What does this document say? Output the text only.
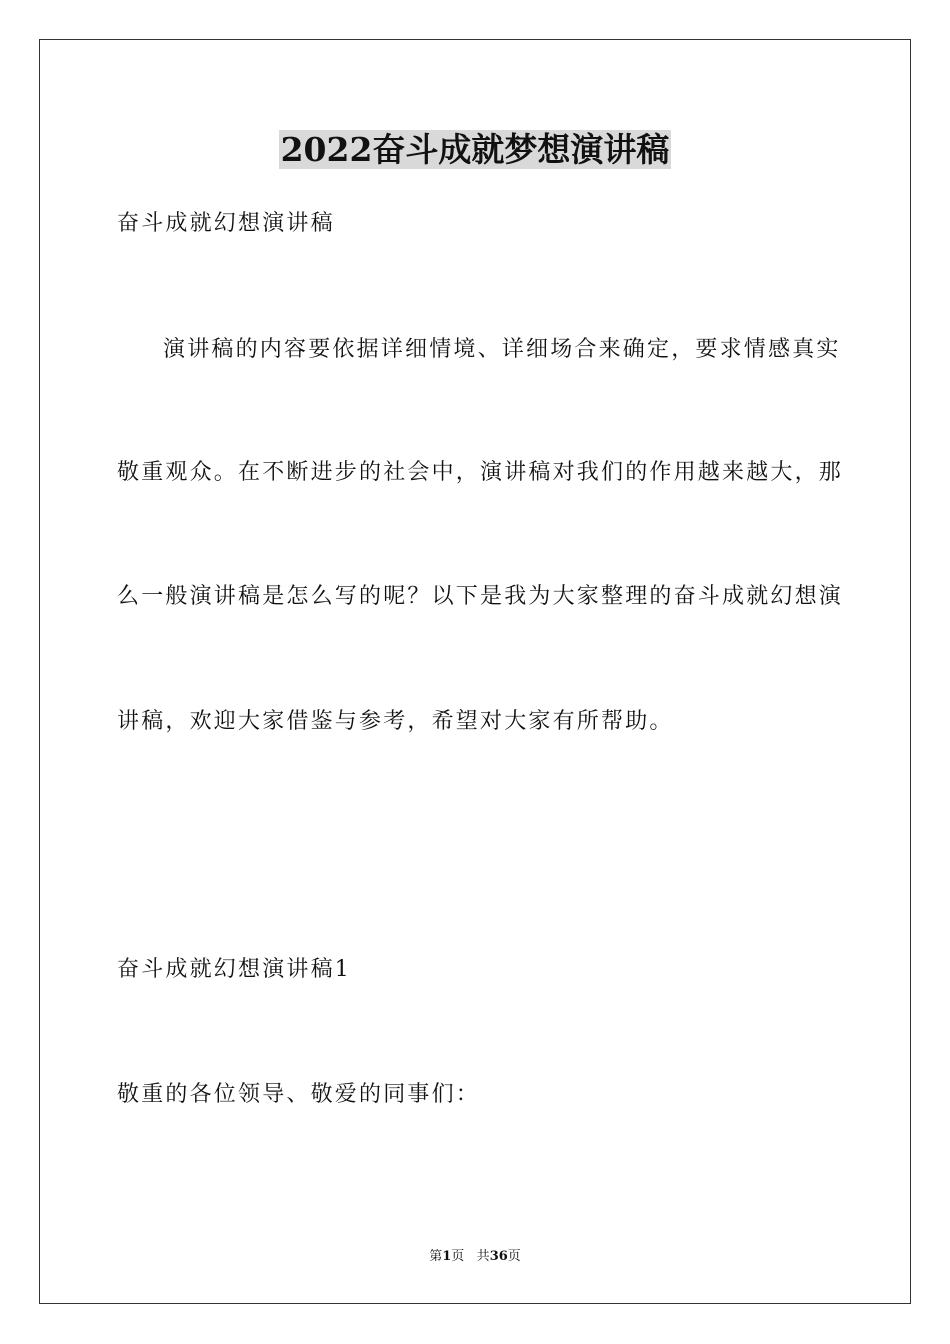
2022奋斗成就梦想演讲稿
奋斗成就幻想演讲稿
演讲稿的内容要依据详细情境、详细场合来确定，要求情感真实
敬重观众。在不断进步的社会中，演讲稿对我们的作用越来越大，那
么一般演讲稿是怎么写的呢？以下是我为大家整理的奋斗成就幻想演
讲稿，欢迎大家借鉴与参考，希望对大家有所帮助。
奋斗成就幻想演讲稿1
敬重的各位领导、敬爱的同事们：
第1页 共36页
